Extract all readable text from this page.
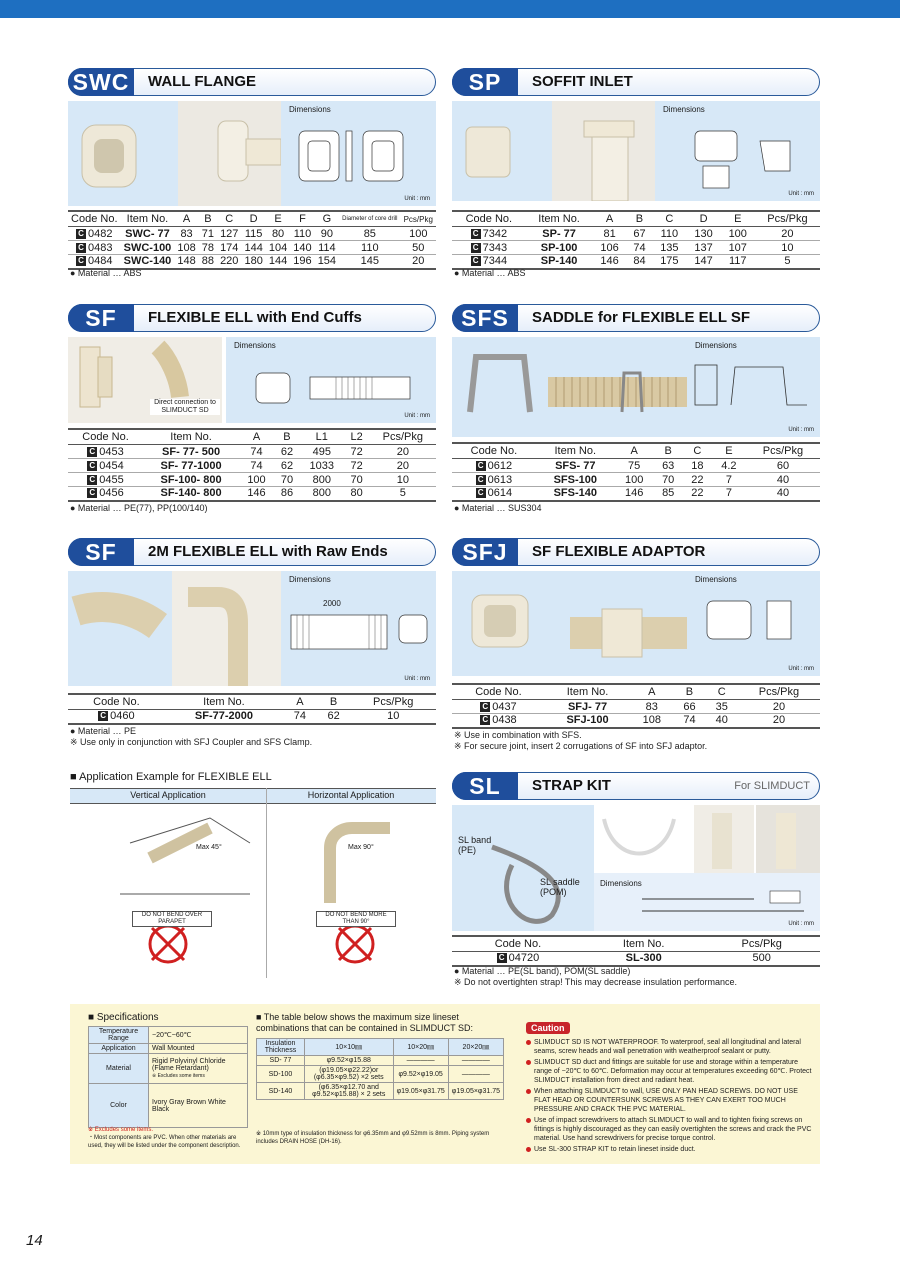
SWC	WALL FLANGE
Dimensions
Unit : mm
Code No.	Item No.	A	B	C	D	E	F	G	Diameter of core drill	Pcs/Pkg
C 0482	SWC- 77	83	71	127	115	80	110	90	85	100
C 0483	SWC-100	108	78	174	144	104	140	114	110	50
C 0484	SWC-140	148	88	220	180	144	196	154	145	20
● Material … ABS
SP	SOFFIT INLET
Dimensions
Unit : mm
Code No.	Item No.	A	B	C	D	E	Pcs/Pkg
C 7342	SP- 77	81	67	110	130	100	20
C 7343	SP-100	106	74	135	137	107	10
C 7344	SP-140	146	84	175	147	117	5
● Material … ABS
SF	FLEXIBLE ELL with End Cuffs
Direct connection to SLIMDUCT SD
Dimensions
Unit : mm
Code No.	Item No.	A	B	L1	L2	Pcs/Pkg
C 0453	SF- 77- 500	74	62	495	72	20
C 0454	SF- 77-1000	74	62	1033	72	20
C 0455	SF-100- 800	100	70	800	70	10
C 0456	SF-140- 800	146	86	800	80	5
● Material … PE(77), PP(100/140)
SFS	SADDLE for FLEXIBLE ELL SF
Dimensions
Unit : mm
Code No.	Item No.	A	B	C	E	Pcs/Pkg
C 0612	SFS- 77	75	63	18	4.2	60
C 0613	SFS-100	100	70	22	7	40
C 0614	SFS-140	146	85	22	7	40
● Material … SUS304
SF	2M FLEXIBLE ELL with Raw Ends
Dimensions
2000
Unit : mm
Code No.	Item No.	A	B	Pcs/Pkg
C 0460	SF-77-2000	74	62	10
● Material … PE
※ Use only in conjunction with SFJ Coupler and SFS Clamp.
SFJ	SF FLEXIBLE ADAPTOR
Dimensions
Unit : mm
Code No.	Item No.	A	B	C	Pcs/Pkg
C 0437	SFJ- 77	83	66	35	20
C 0438	SFJ-100	108	74	40	20
※ Use in combination with SFS.
※ For secure joint, insert 2 corrugations of SF into SFJ adaptor.
■ Application Example for FLEXIBLE ELL
Vertical Application	Horizontal Application
Max 45°	Max 90°
DO NOT BEND OVER PARAPET
DO NOT BEND MORE THAN 90°
SL	STRAP KIT	For SLIMDUCT
SL band (PE)
SL saddle (POM)
Dimensions
Unit : mm
Code No.	Item No.	Pcs/Pkg
C 04720	SL-300	500
● Material … PE(SL band), POM(SL saddle)
※ Do not overtighten strap! This may decrease insulation performance.
■ Specifications
Temperature Range	−20℃~60℃
Application	Wall Mounted
Material	Rigid Polyvinyl Chloride (Flame Retardant)
※ Excludes some items
Color	Ivory Gray Brown White Black
※ Excludes some items.
・Most components are PVC. When other materials are used, they will be listed under the component description.
■ The table below shows the maximum size lineset combinations that can be contained in SLIMDUCT SD:
Insulation Thickness	10×10㎜	10×20㎜	20×20㎜
SD- 77	φ9.52×φ15.88	————	————
SD-100	(φ19.05×φ22.22)or (φ6.35×φ9.52) ×2 sets	φ9.52×φ19.05	————
SD-140	(φ6.35×φ12.70 and φ9.52×φ15.88) × 2 sets	φ19.05×φ31.75	φ19.05×φ31.75
※ 10mm type of insulation thickness for φ6.35mm and φ9.52mm is 8mm. Piping system includes DRAIN HOSE (DH-16).
Caution
SLIMDUCT SD IS NOT WATERPROOF. To waterproof, seal all longitudinal and lateral seams, screw heads and wall penetration with weatherproof sealant or putty.
SLIMDUCT SD duct and fittings are suitable for use and storage within a temperature range of −20℃ to 60℃. Deformation may occur at temperatures exceeding 60℃. Protect SLIMDUCT installation from direct and radiant heat.
When attaching SLIMDUCT to wall, USE ONLY PAN HEAD SCREWS. DO NOT USE FLAT HEAD OR COUNTERSUNK SCREWS AS THEY CAN EXERT TOO MUCH PRESSURE AND CRACK THE PVC MATERIAL.
Use of impact screwdrivers to attach SLIMDUCT to wall and to tighten fixing screws on fittings is highly discouraged as they can easily overtighten the screws and crack the PVC material. Use hand screwdrivers for precise torque control.
Use SL-300 STRAP KIT to retain lineset inside duct.
14
